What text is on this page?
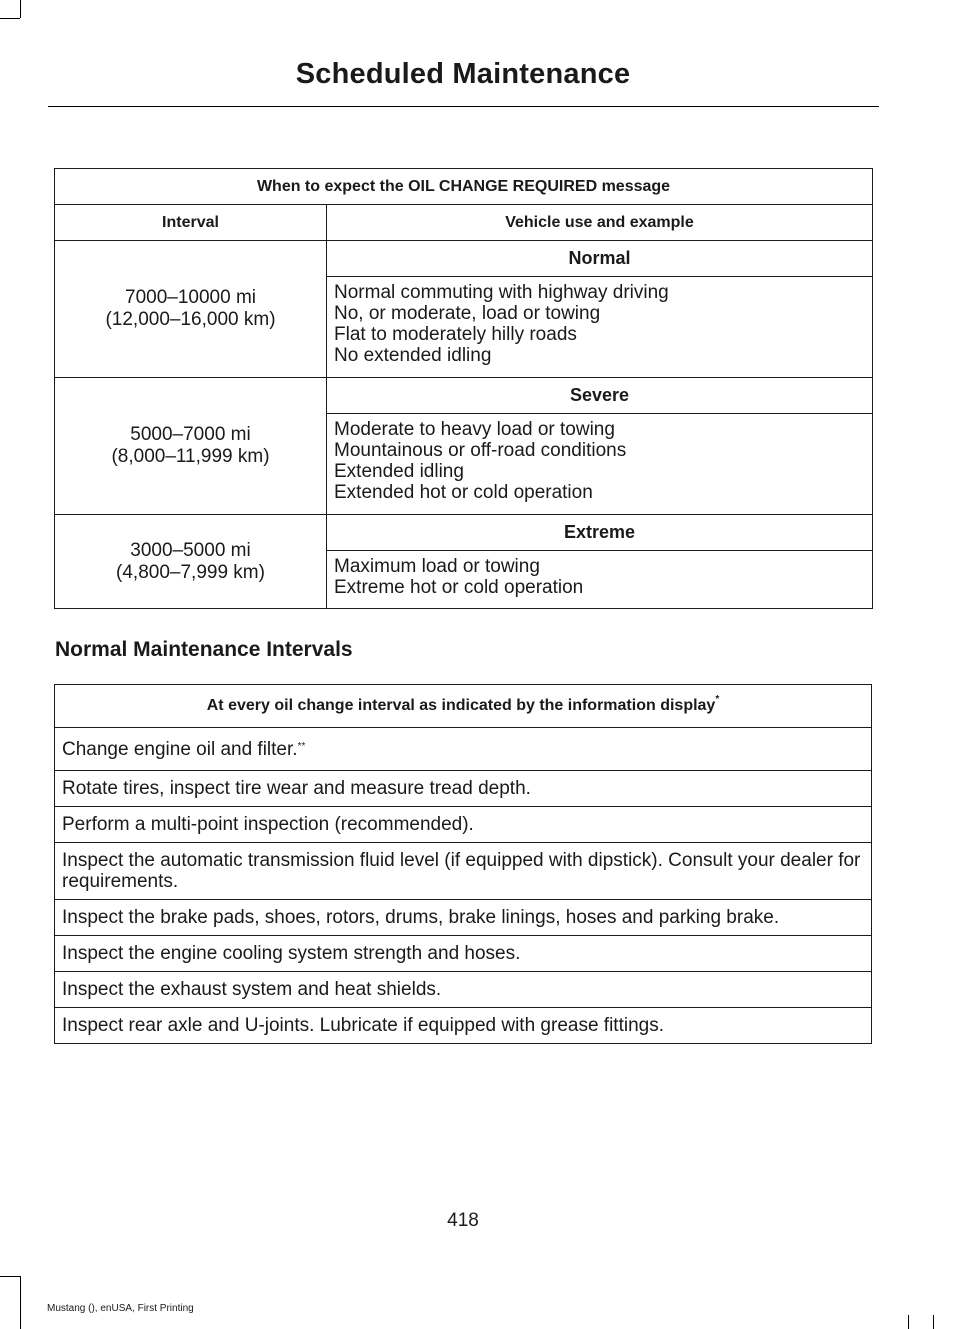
Scheduled Maintenance
When to expect the OIL CHANGE REQUIRED message	
Interval	Vehicle use and example

7000–10000 mi
(12,000–16,000 km)	Normal

	Normal commuting with highway driving
No, or moderate, load or towing
Flat to moderately hilly roads
No extended idling

5000–7000 mi
(8,000–11,999 km)	Severe

	Moderate to heavy load or towing
Mountainous or off-road conditions
Extended idling
Extended hot or cold operation

3000–5000 mi
(4,800–7,999 km)	Extreme

	Maximum load or towing
Extreme hot or cold operation
Normal Maintenance Intervals
At every oil change interval as indicated by the information display*
Change engine oil and filter.**
Rotate tires, inspect tire wear and measure tread depth.
Perform a multi-point inspection (recommended).
Inspect the automatic transmission fluid level (if equipped with dipstick). Consult your dealer for requirements.
Inspect the brake pads, shoes, rotors, drums, brake linings, hoses and parking brake.
Inspect the engine cooling system strength and hoses.
Inspect the exhaust system and heat shields.
Inspect rear axle and U-joints. Lubricate if equipped with grease fittings.
418
Mustang (), enUSA, First Printing
